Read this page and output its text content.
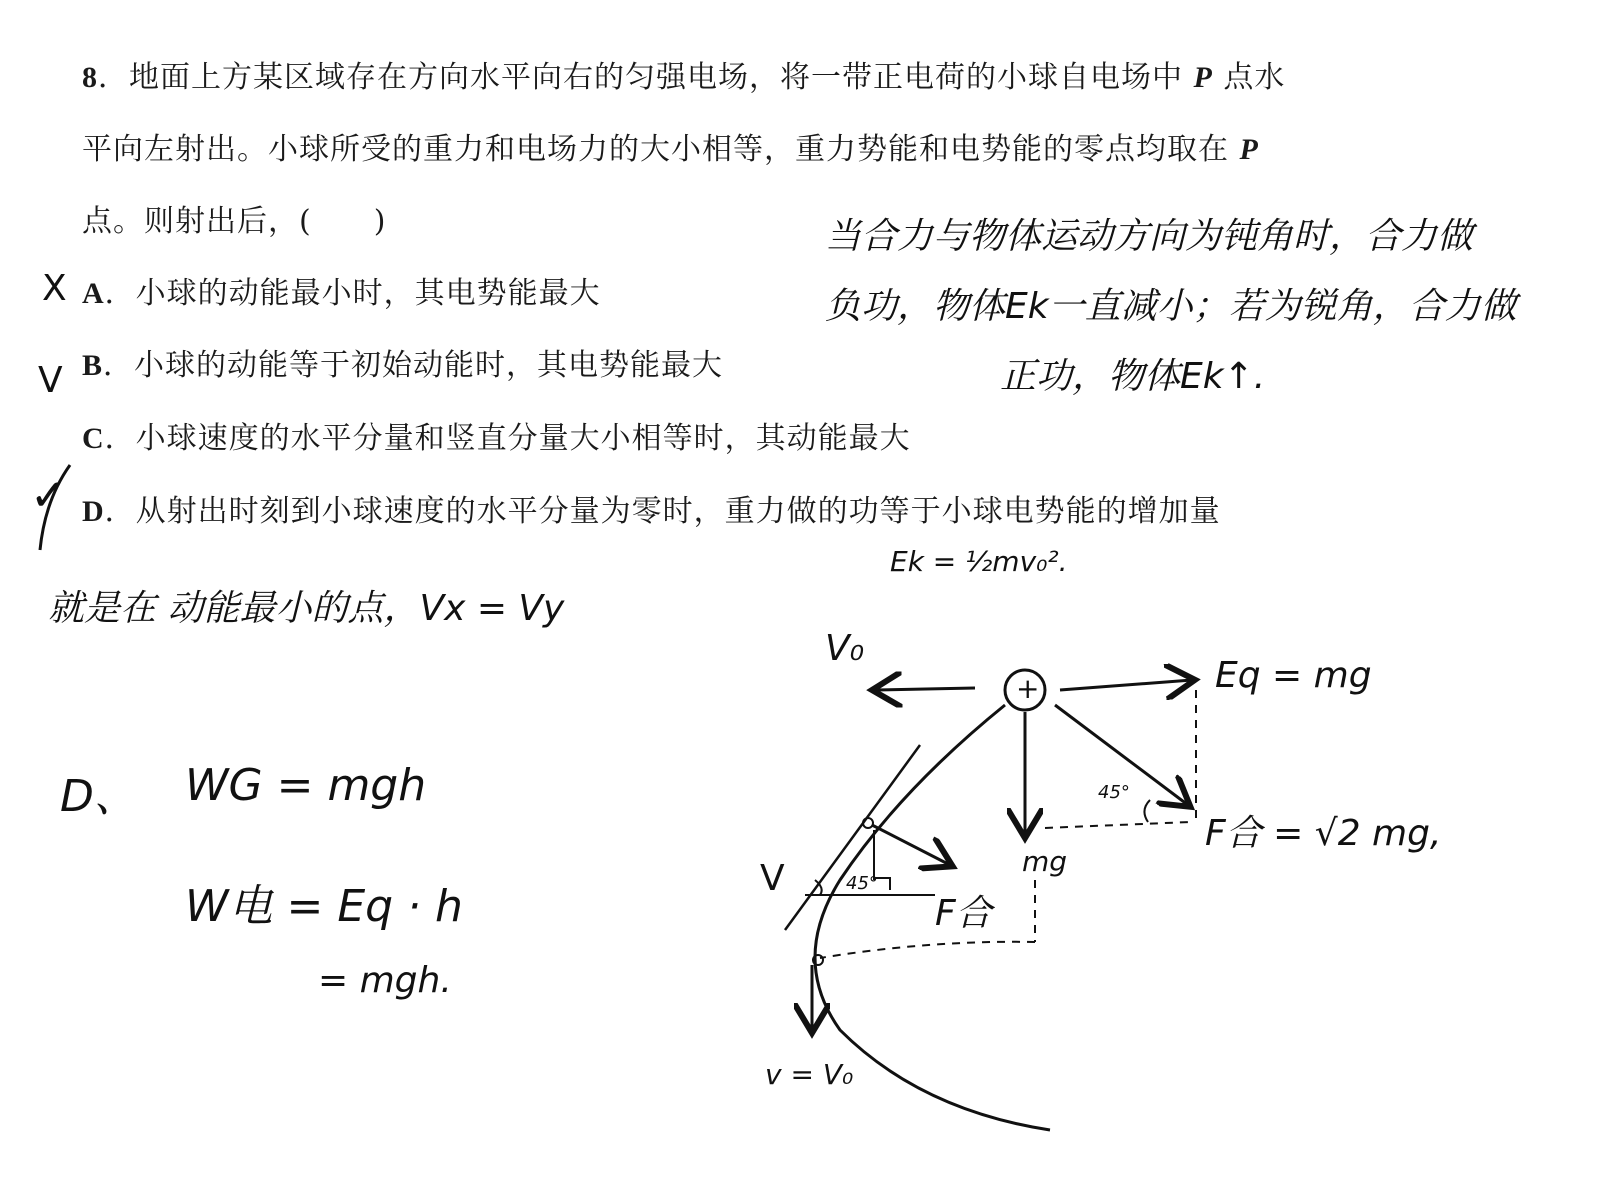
8．地面上方某区域存在方向水平向右的匀强电场，将一带正电荷的小球自电场中 P 点水
平向左射出。小球所受的重力和电场力的大小相等，重力势能和电势能的零点均取在 P
点。则射出后，(　　)
A．小球的动能最小时，其电势能最大
B．小球的动能等于初始动能时，其电势能最大
C．小球速度的水平分量和竖直分量大小相等时，其动能最大
D．从射出时刻到小球速度的水平分量为零时，重力做的功等于小球电势能的增加量
X
V
✓
当合力与物体运动方向为钝角时，合力做
负功，物体Ek一直减小；若为锐角，合力做
正功，物体Ek↑.
Ek = ½mv₀².
就是在 动能最小的点，Vx = Vy
D、 WG = mgh
W电 = Eq · h
= mgh.
V₀
+	Eq = mg
45°
F合 = √2 mg,
mg
V	45°
F合
v = V₀
